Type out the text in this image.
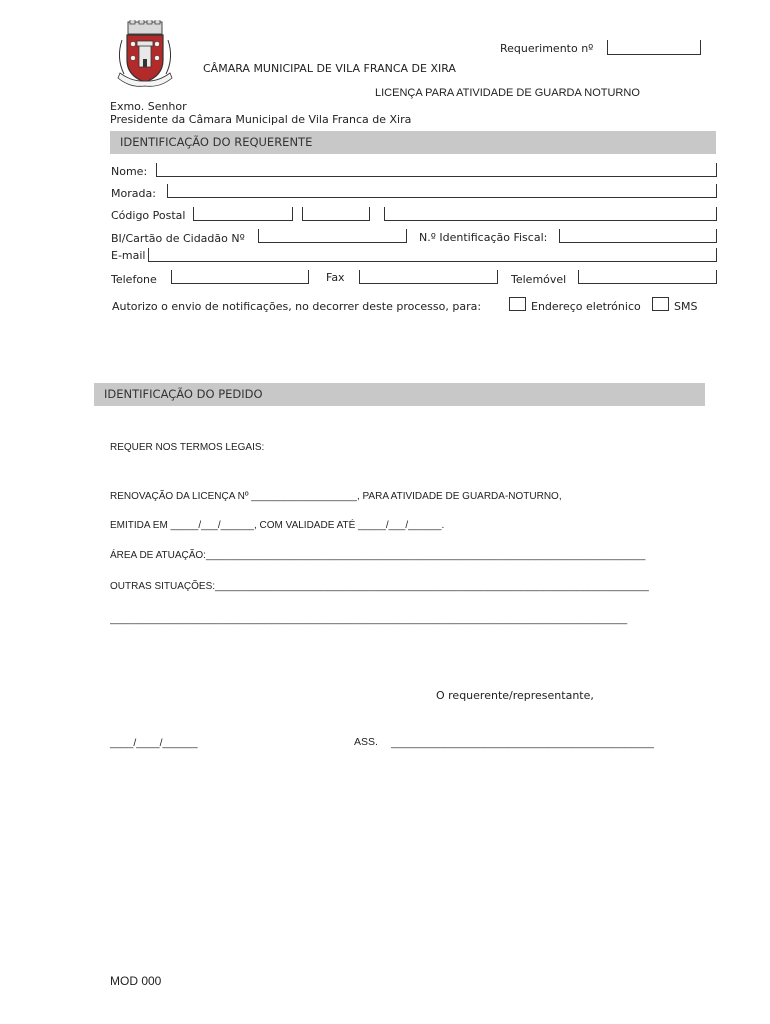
Requerimento nº
CÂMARA MUNICIPAL DE VILA FRANCA DE XIRA
LICENÇA PARA ATIVIDADE DE GUARDA NOTURNO
Exmo. Senhor
Presidente da Câmara Municipal de Vila Franca de Xira
IDENTIFICAÇÃO DO REQUERENTE
Nome:
Morada:
Código Postal
BI/Cartão de Cidadão Nº	N.º Identificação Fiscal:
E-mail
Telefone	Fax	Telemóvel
Autorizo o envio de notificações, no decorrer deste processo, para:	Endereço eletrónico	SMS
IDENTIFICAÇÃO DO PEDIDO
REQUER NOS TERMOS LEGAIS:
RENOVAÇÃO DA LICENÇA Nº ___________________, PARA ATIVIDADE DE GUARDA-NOTURNO,
EMITIDA EM _____/___/______, COM VALIDADE ATÉ _____/___/______.
ÁREA DE ATUAÇÃO:_______________________________________________________________________________
OUTRAS SITUAÇÕES:______________________________________________________________________________
_____________________________________________________________________________________________
O requerente/representante,
____/____/______	ASS. _____________________________________________
MOD 000
